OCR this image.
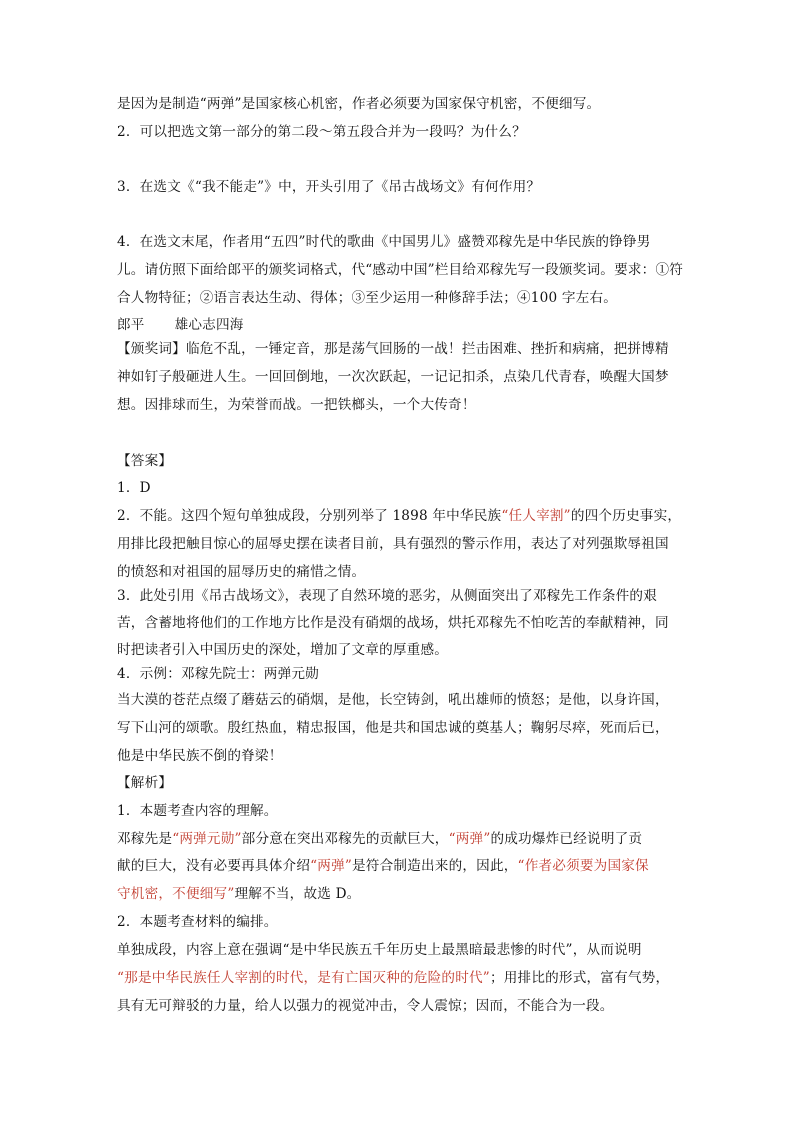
是因为是制造“两弹”是国家核心机密，作者必须要为国家保守机密，不便细写。
2．可以把选文第一部分的第二段～第五段合并为一段吗？为什么？
3．在选文《“我不能走”》中，开头引用了《吊古战场文》有何作用？
4．在选文末尾，作者用“五四”时代的歌曲《中国男儿》盛赞邓稼先是中华民族的铮铮男
儿。请仿照下面给郎平的颁奖词格式，代“感动中国”栏目给邓稼先写一段颁奖词。要求：①符
合人物特征；②语言表达生动、得体；③至少运用一种修辞手法；④100 字左右。
郎平 雄心志四海
【颁奖词】临危不乱，一锤定音，那是荡气回肠的一战！拦击困难、挫折和病痛，把拼博精
神如钉子般砸进人生。一回回倒地，一次次跃起，一记记扣杀，点染几代青春，唤醒大国梦
想。因排球而生，为荣誉而战。一把铁榔头，一个大传奇！
【答案】
1．D
2．不能。这四个短句单独成段，分别列举了 1898 年中华民族“任人宰割”的四个历史事实，
用排比段把触目惊心的屈辱史摆在读者目前，具有强烈的警示作用，表达了对列强欺辱祖国
的愤怒和对祖国的屈辱历史的痛惜之情。
3．此处引用《吊古战场文》，表现了自然环境的恶劣，从侧面突出了邓稼先工作条件的艰
苦，含蓄地将他们的工作地方比作是没有硝烟的战场，烘托邓稼先不怕吃苦的奉献精神，同
时把读者引入中国历史的深处，增加了文章的厚重感。
4．示例：邓稼先院士：两弹元勋
当大漠的苍茫点缀了蘑菇云的硝烟，是他，长空铸剑，吼出雄师的愤怒；是他，以身许国，
写下山河的颂歌。殷红热血，精忠报国，他是共和国忠诚的奠基人；鞠躬尽瘁，死而后已，
他是中华民族不倒的脊梁！
【解析】
1．本题考查内容的理解。
邓稼先是“两弹元勋”部分意在突出邓稼先的贡献巨大，“两弹”的成功爆炸已经说明了贡
献的巨大，没有必要再具体介绍“两弹”是符合制造出来的，因此，“作者必须要为国家保
守机密，不便细写”理解不当，故选 D。
2．本题考查材料的编排。
单独成段，内容上意在强调“是中华民族五千年历史上最黑暗最悲惨的时代”，从而说明
“那是中华民族任人宰割的时代，是有亡国灭种的危险的时代”；用排比的形式，富有气势，
具有无可辩驳的力量，给人以强力的视觉冲击，令人震惊；因而，不能合为一段。
